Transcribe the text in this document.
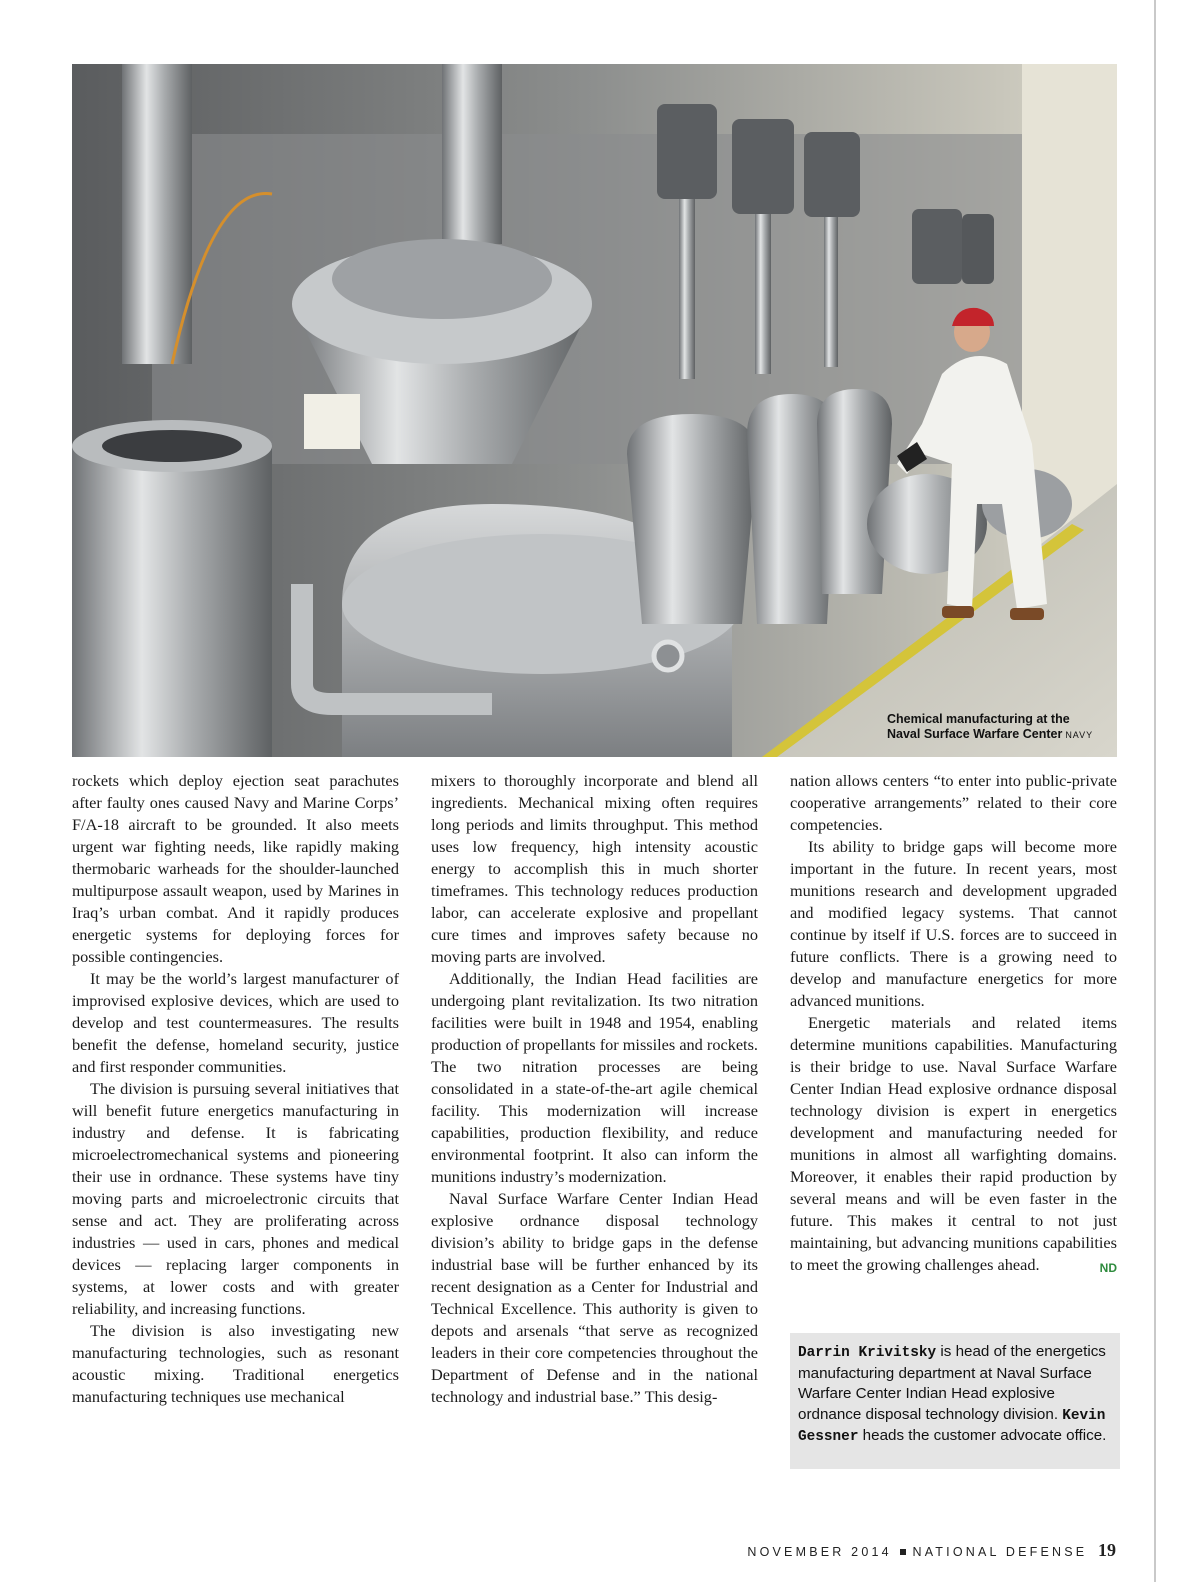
Chemical manufacturing at the
Naval Surface Warfare Center NAVY

rockets which deploy ejection seat parachutes after faulty ones caused Navy and Marine Corps’ F/A-18 aircraft to be grounded. It also meets urgent war fighting needs, like rapidly making thermobaric warheads for the shoulder-launched multipurpose assault weapon, used by Marines in Iraq’s urban combat. And it rapidly produces energetic systems for deploying forces for possible contingencies.

It may be the world’s largest manufacturer of improvised explosive devices, which are used to develop and test countermeasures. The results benefit the defense, homeland security, justice and first responder communities.

The division is pursuing several initiatives that will benefit future energetics manufacturing in industry and defense. It is fabricating microelectromechanical systems and pioneering their use in ordnance. These systems have tiny moving parts and microelectronic circuits that sense and act. They are proliferating across industries — used in cars, phones and medical devices — replacing larger components in systems, at lower costs and with greater reliability, and increasing functions.

The division is also investigating new manufacturing technologies, such as resonant acoustic mixing. Traditional energetics manufacturing techniques use mechanical

mixers to thoroughly incorporate and blend all ingredients. Mechanical mixing often requires long periods and limits throughput. This method uses low frequency, high intensity acoustic energy to accomplish this in much shorter timeframes. This technology reduces production labor, can accelerate explosive and propellant cure times and improves safety because no moving parts are involved.

Additionally, the Indian Head facilities are undergoing plant revitalization. Its two nitration facilities were built in 1948 and 1954, enabling production of propellants for missiles and rockets. The two nitration processes are being consolidated in a state-of-the-art agile chemical facility. This modernization will increase capabilities, production flexibility, and reduce environmental footprint. It also can inform the munitions industry’s modernization.

Naval Surface Warfare Center Indian Head explosive ordnance disposal technology division’s ability to bridge gaps in the defense industrial base will be further enhanced by its recent designation as a Center for Industrial and Technical Excellence. This authority is given to depots and arsenals “that serve as recognized leaders in their core competencies throughout the Department of Defense and in the national technology and industrial base.” This desig-

nation allows centers “to enter into public-private cooperative arrangements” related to their core competencies.

Its ability to bridge gaps will become more important in the future. In recent years, most munitions research and development upgraded and modified legacy systems. That cannot continue by itself if U.S. forces are to succeed in future conflicts. There is a growing need to develop and manufacture energetics for more advanced munitions.

Energetic materials and related items determine munitions capabilities. Manufacturing is their bridge to use. Naval Surface Warfare Center Indian Head explosive ordnance disposal technology division is expert in energetics development and manufacturing needed for munitions in almost all warfighting domains. Moreover, it enables their rapid production by several means and will be even faster in the future. This makes it central to not just maintaining, but advancing munitions capabilities to meet the growing challenges ahead.	ND

Darrin Krivitsky is head of the energetics manufacturing department at Naval Surface Warfare Center Indian Head explosive ordnance disposal technology division. Kevin Gessner heads the customer advocate office.
NOVEMBER 2014 NATIONAL DEFENSE 19
